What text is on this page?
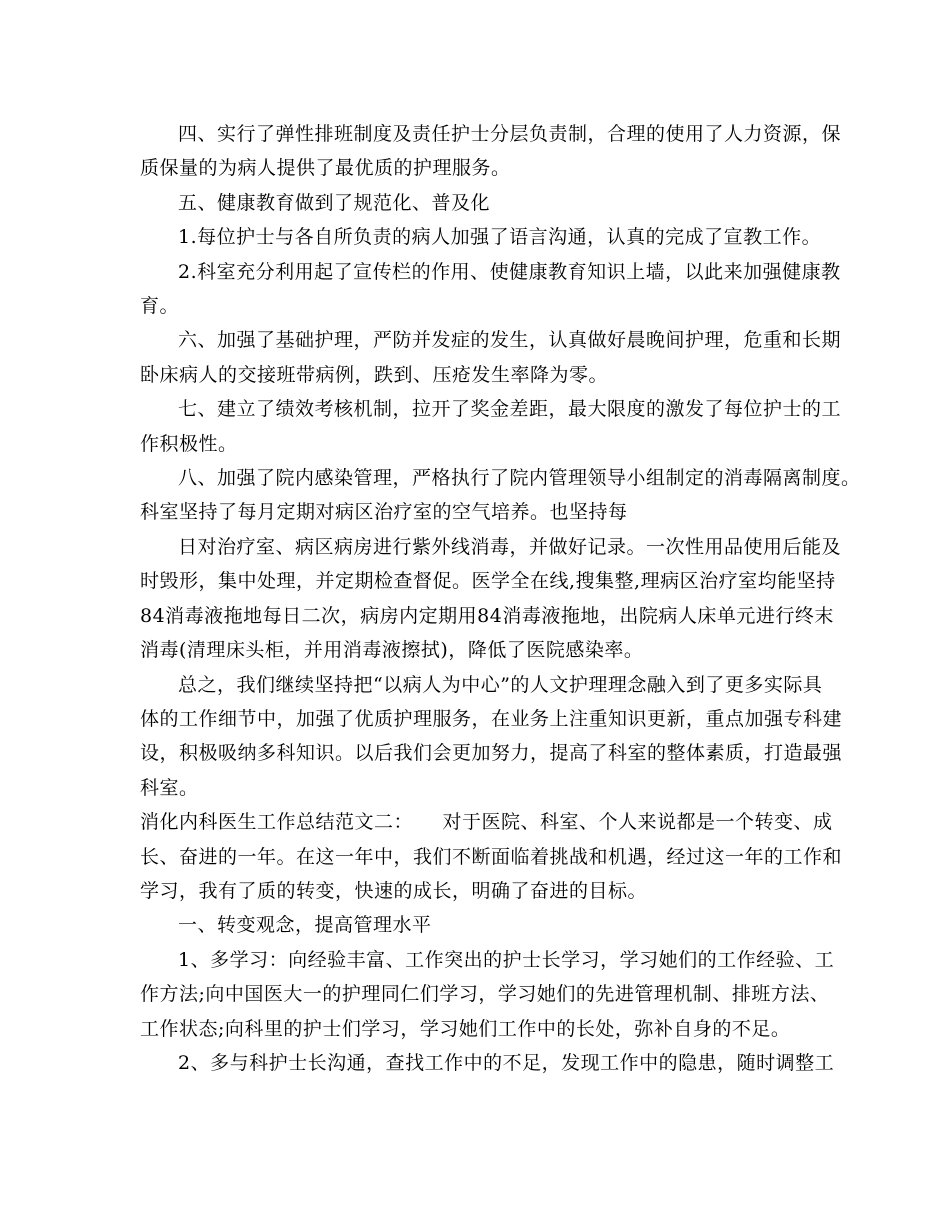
四、实行了弹性排班制度及责任护士分层负责制，合理的使用了人力资源，保
质保量的为病人提供了最优质的护理服务。
五、健康教育做到了规范化、普及化
1.每位护士与各自所负责的病人加强了语言沟通，认真的完成了宣教工作。
2.科室充分利用起了宣传栏的作用、使健康教育知识上墙，以此来加强健康教
育。
六、加强了基础护理，严防并发症的发生，认真做好晨晚间护理，危重和长期
卧床病人的交接班带病例，跌到、压疮发生率降为零。
七、建立了绩效考核机制，拉开了奖金差距，最大限度的激发了每位护士的工
作积极性。
八、加强了院内感染管理，严格执行了院内管理领导小组制定的消毒隔离制度。
科室坚持了每月定期对病区治疗室的空气培养。也坚持每
日对治疗室、病区病房进行紫外线消毒，并做好记录。一次性用品使用后能及
时毁形，集中处理，并定期检查督促。医学全在线,搜集整,理病区治疗室均能坚持
84消毒液拖地每日二次，病房内定期用84消毒液拖地，出院病人床单元进行终末
消毒(清理床头柜，并用消毒液擦拭)，降低了医院感染率。
总之，我们继续坚持把“以病人为中心”的人文护理理念融入到了更多实际具
体的工作细节中，加强了优质护理服务，在业务上注重知识更新，重点加强专科建
设，积极吸纳多科知识。以后我们会更加努力，提高了科室的整体素质，打造最强
科室。
消化内科医生工作总结范文二：　　对于医院、科室、个人来说都是一个转变、成
长、奋进的一年。在这一年中，我们不断面临着挑战和机遇，经过这一年的工作和
学习，我有了质的转变，快速的成长，明确了奋进的目标。
一、转变观念，提高管理水平
1、多学习：向经验丰富、工作突出的护士长学习，学习她们的工作经验、工
作方法;向中国医大一的护理同仁们学习，学习她们的先进管理机制、排班方法、
工作状态;向科里的护士们学习，学习她们工作中的长处，弥补自身的不足。
2、多与科护士长沟通，查找工作中的不足，发现工作中的隐患，随时调整工
